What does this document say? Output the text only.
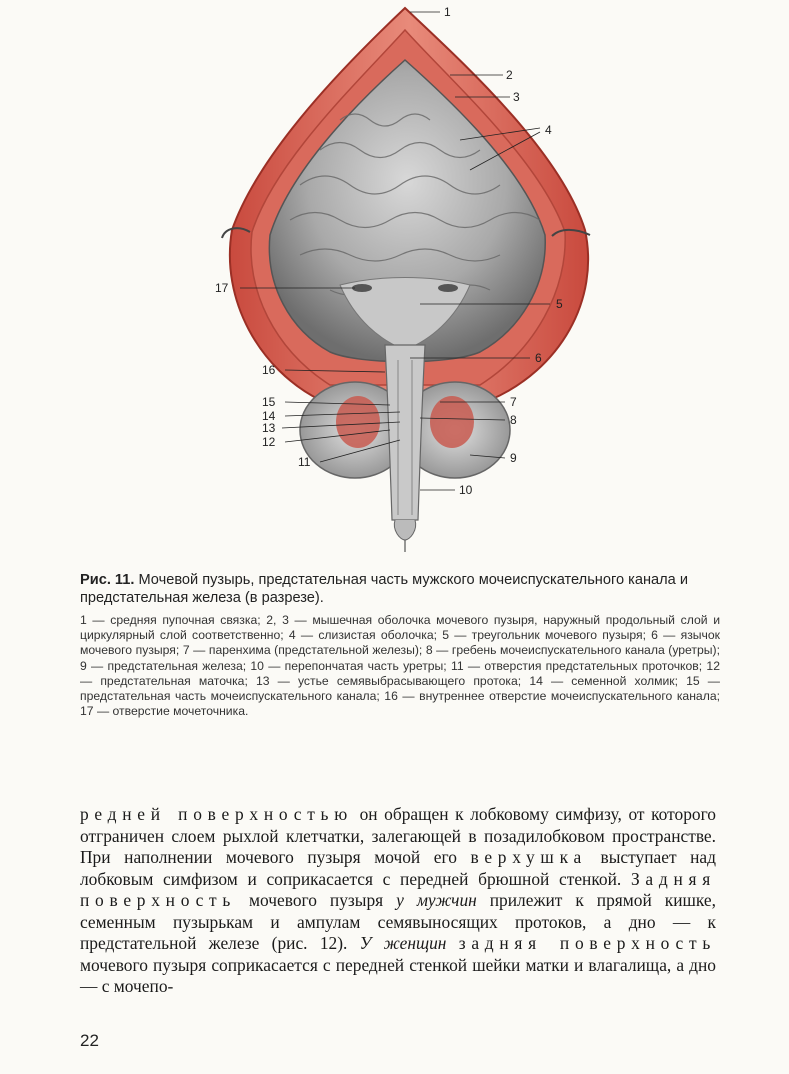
1
2
3
4
5
6
7
8
9
10
11
12
13
14
15
16
17

Рис. 11. Мочевой пузырь, предстательная часть мужского мочеиспускательного канала и предстательная железа (в разрезе).

1 — средняя пупочная связка; 2, 3 — мышечная оболочка мочевого пузыря, наружный продольный слой и циркулярный слой соответственно; 4 — слизистая оболочка; 5 — треугольник мочевого пузыря; 6 — язычок мочевого пузыря; 7 — паренхима (предстательной железы); 8 — гребень мочеиспускательного канала (уретры); 9 — предстательная железа; 10 — перепончатая часть уретры; 11 — отверстия предстательных проточков; 12 — предстательная маточка; 13 — устье семявыбрасывающего протока; 14 — семенной холмик; 15 — предстательная часть мочеиспускательного канала; 16 — внутреннее отверстие мочеиспускательного канала; 17 — отверстие мочеточника.

редней поверхностью он обращен к лобковому симфизу, от которого отграничен слоем рыхлой клетчатки, залегающей в позадилобковом пространстве. При наполнении мочевого пузыря мочой его верхушка выступает над лобковым симфизом и соприкасается с передней брюшной стенкой. Задняя поверхность мочевого пузыря у мужчин прилежит к прямой кишке, семенным пузырькам и ампулам семявыносящих протоков, а дно — к предстательной железе (рис. 12). У женщин задняя поверхность мочевого пузыря соприкасается с передней стенкой шейки матки и влагалища, а дно — с мочепо-

22
